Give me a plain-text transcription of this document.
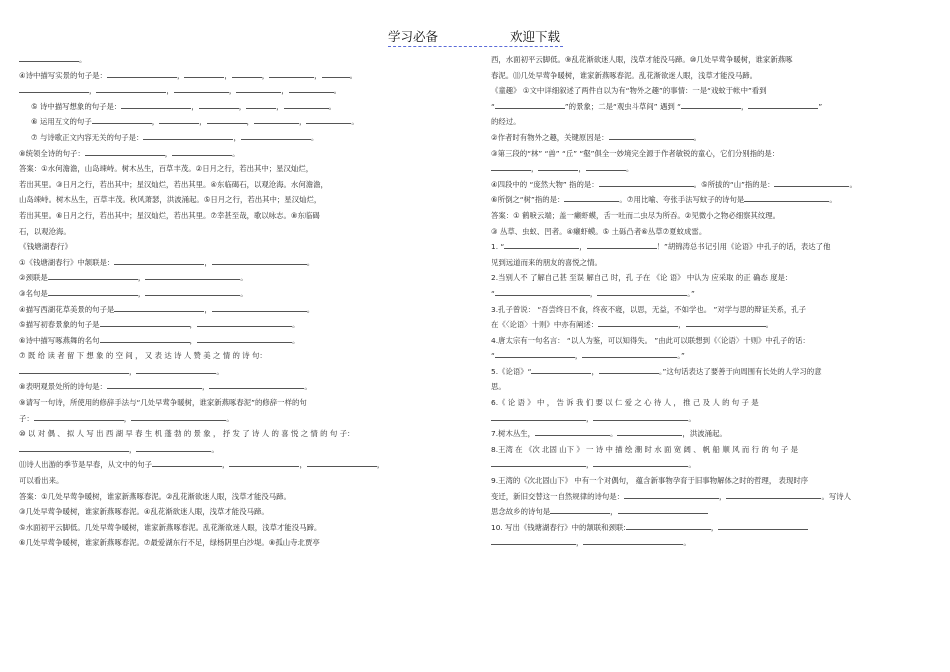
学习必备	欢迎下载
。
④诗中描写实景的句子是：	，	，	，	，	。
，	，	，	，	。
⑤ 诗中描写想象的句子是：	，	，	，	。
⑥ 运用互文的句子	，	，	，	，	。
⑦ 与诗歌正文内容无关的句子是：	，	。
⑧统领全诗的句子：	，	。
答案：①水何澹澹，山岛竦峙。树木丛生，百草丰茂。②日月之行，若出其中；星汉灿烂，
若出其里。③日月之行，若出其中；星汉灿烂，若出其里。④东临碣石，以观沧海。水何澹澹，
山岛竦峙。树木丛生，百草丰茂。秋风萧瑟，洪波涌起。⑤日月之行，若出其中；星汉灿烂，
若出其里。⑥日月之行，若出其中；星汉灿烂，若出其里。⑦幸甚至哉，歌以咏志。⑧东临碣
石，以观沧海。
《钱塘湖春行》
①《钱塘湖春行》中颔联是：	，	。
②颈联是	，	。
③名句是	，	。
④描写西湖花草美景的句子是	，	。
⑤描写初春景象的句子是	，	。
⑥诗中描写啄燕舞的名句	，	。
⑦ 既 给 读 者 留 下 想 象 的 空 间 ， 又 表 达 诗 人 赞 美 之 情 的 诗 句：
，	。
⑧表明观景处所的诗句是：	，	。
⑨请写一句诗，所使用的修辞手法与“几处早莺争暖树，谁家新燕啄春泥”的修辞一样的句
子：	，	。
⑩ 以 对 偶 、 拟 人 写 出 西 湖 早 春 生 机 蓬 勃 的 景 象 ， 抒 发 了 诗 人 的 喜 悦 之 情 的 句 子：
，	。
⑾诗人出游的季节是早春，从文中的句子	，	，	，
可以看出来。
答案：①几处早莺争暖树，谁家新燕啄春泥。②乱花渐欲迷人眼，浅草才能没马蹄。
③几处早莺争暖树，谁家新燕啄春泥。④乱花渐欲迷人眼，浅草才能没马蹄。
⑤水面初平云脚低。几处早莺争暖树，谁家新燕啄春泥。乱花渐欲迷人眼，浅草才能没马蹄。
⑥几处早莺争暖树，谁家新燕啄春泥。⑦最爱湖东行不足，绿杨阴里白沙堤。⑧孤山寺北贾亭
西，水面初平云脚低。⑨乱花渐欲迷人眼，浅草才能没马蹄。⑩几处早莺争暖树，谁家新燕啄
春泥。⑾几处早莺争暖树，谁家新燕啄春泥。乱花渐欲迷人眼，浅草才能没马蹄。
《童趣》 ①文中详细叙述了两件自以为有“物外之趣”的事情：一是“戏蚊于帐中”看到
“	”的景象；二是“观虫斗草间” 遇到 “	，	”
的经过。
②作者时有物外之趣，关键原因是：	。
③第三段的“林” “兽” “丘” “壑”俱全一妙境完全源于作者敏锐的童心，它们分别指的是：
，	，	。
④四段中的 “庞然大物” 指的是：	。⑤所拔的“山”指的是：	。
⑥所倒之“树”指的是：	。⑦用比喻、夸张手法写蚊子的诗句是	。
答案：① 鹤唳云端；盖一癞虾蟆，舌一吐而二虫尽为所吞。②见微小之物必细察其纹理。
③ 丛草、虫蚁、凹者。④癞虾蟆。⑤ 土砾凸者⑥丛草⑦夏蚊成雷。
1. “	，	！”胡锦涛总书记引用《论语》中孔子的话，表达了他
见到远道而来的朋友的喜悦之情。
2.当别人不 了解自己甚 至误 解自己 时，孔 子在 《论 语》 中认为 应采取 的正 确态 度是：
“	，	。”
3.孔子曾说： “吾尝终日不食，终夜不寝，以思，无益，不如学也。 ”对学与思的辩证关系，孔子
在《〈论语〉十则》中亦有阐述：	，	。
4.唐太宗有一句名言： “以人为鉴，可以知得失。 ”由此可以联想到《〈论语〉十则》中孔子的话：
“	，	。”
5.《论语》“	，	。”这句话表达了要善于向周围有长处的人学习的意
思。
6.《 论 语 》 中 ， 告 诉 我 们 要 以 仁 爱 之 心 待 人 ， 推 己 及 人 的 句 子 是
，	。
7.树木丛生，	。	，洪波涌起。
8.王湾 在 《次 北固 山下 》 一 诗 中 描 绘 潮 时 水 面 宽 阔 、 帆 船 顺 风 而 行 的 句 子 是
，	。
9.王湾的《次北固山下》 中有一个对偶句， 蕴含新事物孕育于旧事物解体之时的哲理， 表现时序
变迁，新旧交替这一自然规律的诗句是：	，	。写诗人
思念故乡的诗句是	，
10. 写出《钱塘湖春行》中的颔联和颈联:	，
，	。
